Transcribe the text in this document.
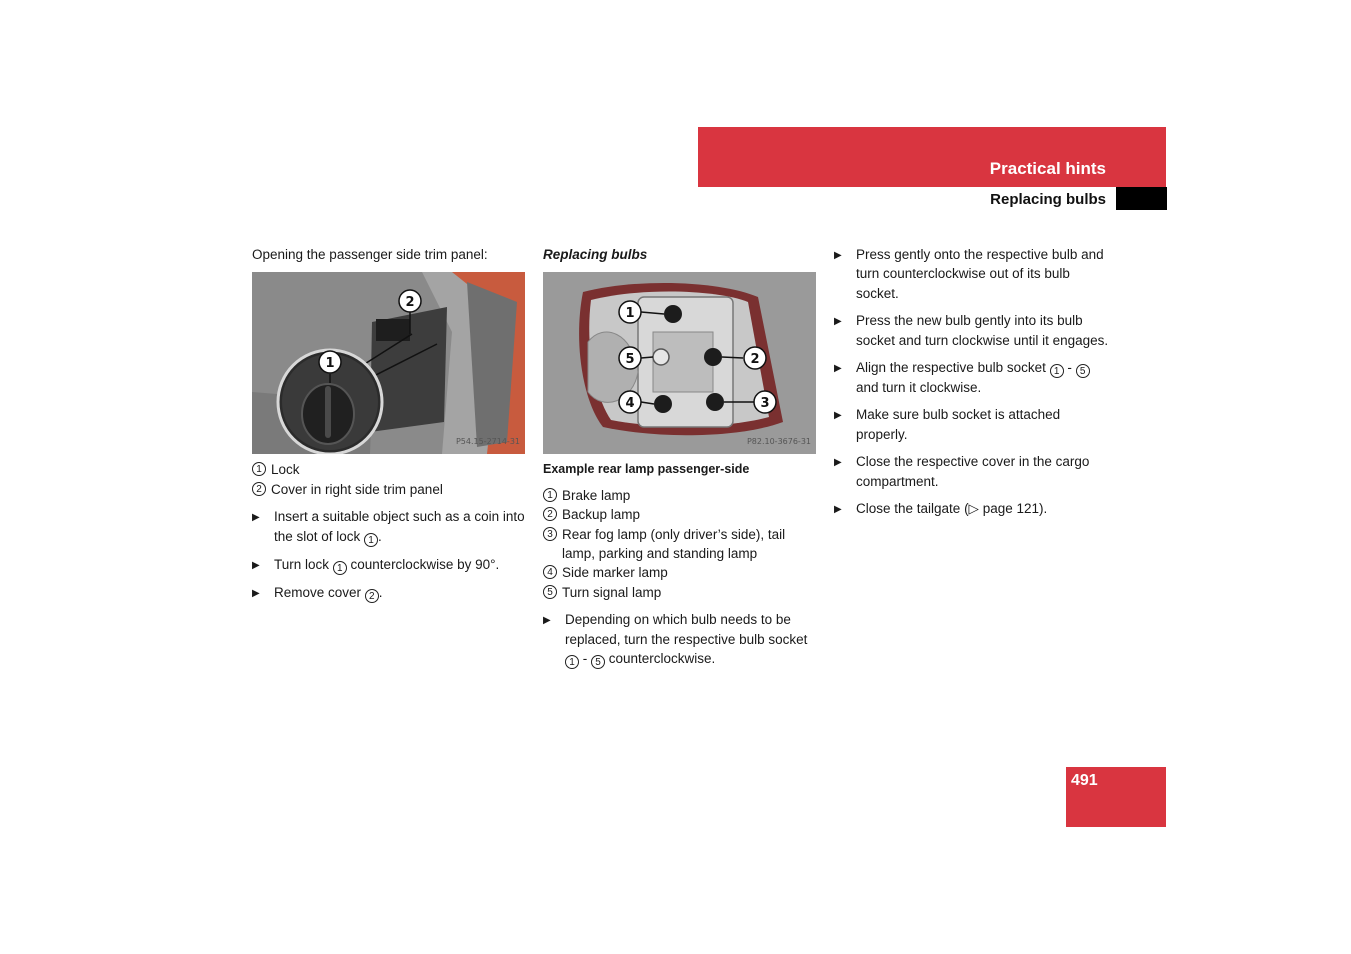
Practical hints
Replacing bulbs
Opening the passenger side trim panel:
1
2
P54.15-2714-31
1 Lock
2 Cover in right side trim panel
▶	Insert a suitable object such as a coin into the slot of lock 1 .
▶	Turn lock 1 counterclockwise by 90°.
▶	Remove cover 2 .
Replacing bulbs
1
2
3
4
5
P82.10-3676-31
Example rear lamp passenger-side
1 Brake lamp
2 Backup lamp
3 Rear fog lamp (only driver’s side), tail lamp, parking and standing lamp
4 Side marker lamp
5 Turn signal lamp
▶	Depending on which bulb needs to be replaced, turn the respective bulb socket 1 - 5 counterclockwise.
▶	Press gently onto the respective bulb and turn counterclockwise out of its bulb socket.
▶	Press the new bulb gently into its bulb socket and turn clockwise until it engages.
▶	Align the respective bulb socket 1 - 5 and turn it clockwise.
▶	Make sure bulb socket is attached properly.
▶	Close the respective cover in the cargo compartment.
▶	Close the tailgate (▷ page 121).
491
